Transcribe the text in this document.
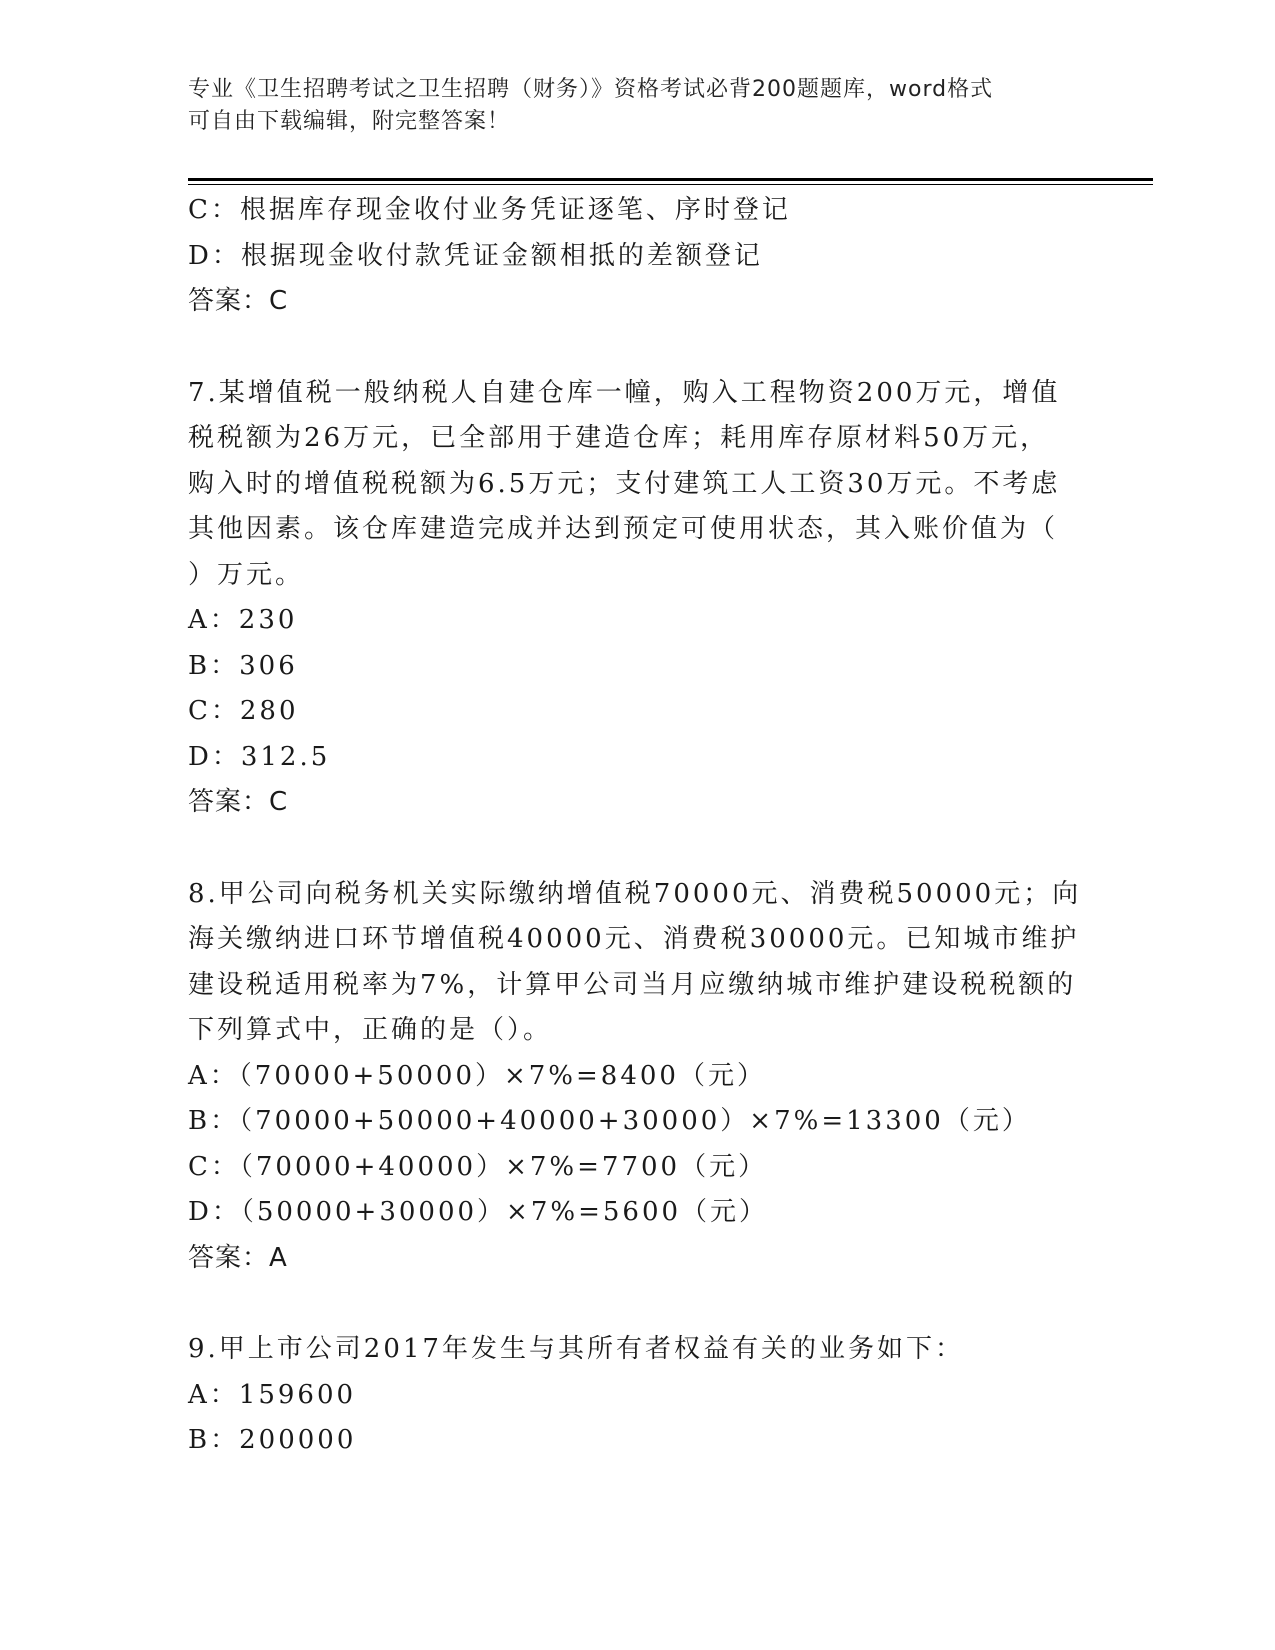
专业《卫生招聘考试之卫生招聘（财务）》资格考试必背200题题库，word格式
可自由下载编辑，附完整答案！
C：根据库存现金收付业务凭证逐笔、序时登记
D：根据现金收付款凭证金额相抵的差额登记
答案：C
7.某增值税一般纳税人自建仓库一幢，购入工程物资200万元，增值
税税额为26万元，已全部用于建造仓库；耗用库存原材料50万元，
购入时的增值税税额为6.5万元；支付建筑工人工资30万元。不考虑
其他因素。该仓库建造完成并达到预定可使用状态，其入账价值为（
）万元。
A：230
B：306
C：280
D：312.5
答案：C
8.甲公司向税务机关实际缴纳增值税70000元、消费税50000元；向
海关缴纳进口环节增值税40000元、消费税30000元。已知城市维护
建设税适用税率为7%，计算甲公司当月应缴纳城市维护建设税税额的
下列算式中，正确的是（）。
A：（70000+50000）×7%=8400（元）
B：（70000+50000+40000+30000）×7%=13300（元）
C：（70000+40000）×7%=7700（元）
D：（50000+30000）×7%=5600（元）
答案：A
9.甲上市公司2017年发生与其所有者权益有关的业务如下：
A：159600
B：200000
